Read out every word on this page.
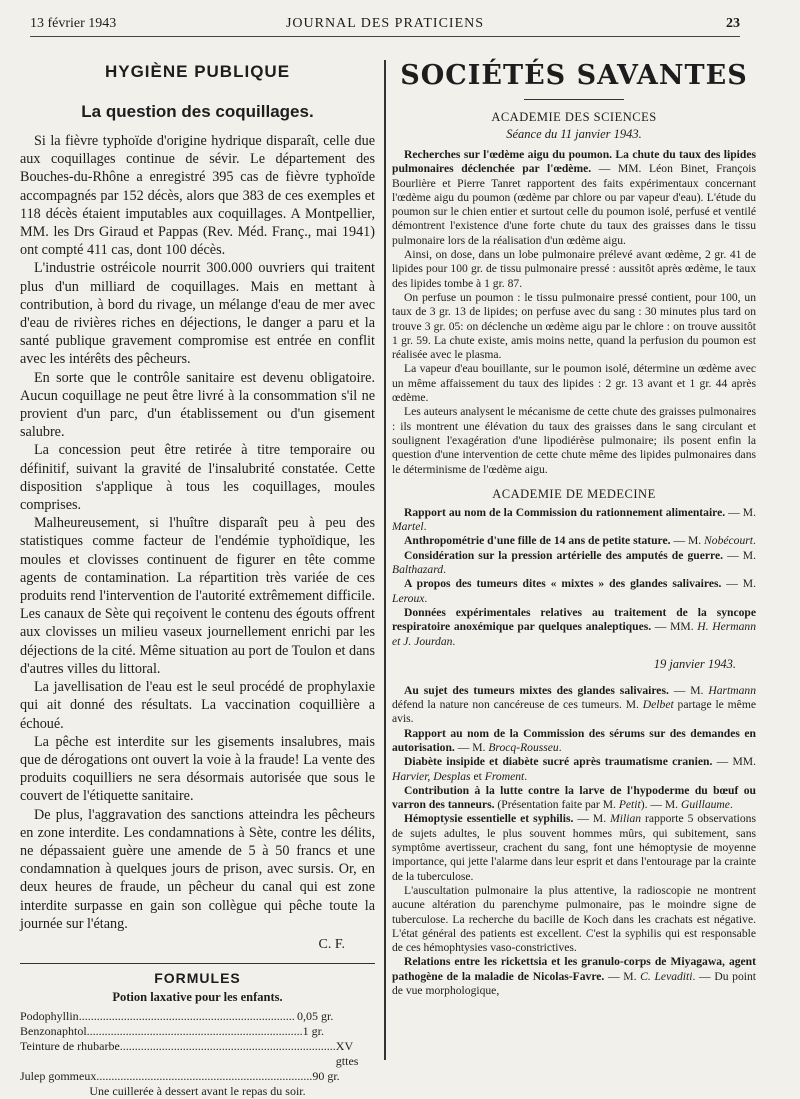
13 février 1943	JOURNAL DES PRATICIENS	23
HYGIÈNE PUBLIQUE
La question des coquillages.

Si la fièvre typhoïde d'origine hydrique disparaît, celle due aux coquillages continue de sévir. Le département des Bouches-du-Rhône a enregistré 395 cas de fièvre typhoïde accompagnés par 152 décès, alors que 383 de ces exemples et 118 décès étaient imputables aux coquillages. A Montpellier, MM. les Drs Giraud et Pappas (Rev. Méd. Franç., mai 1941) ont compté 411 cas, dont 100 décès.

L'industrie ostréicole nourrit 300.000 ouvriers qui traitent plus d'un milliard de coquillages. Mais en mettant à contribution, à bord du rivage, un mélange d'eau de mer avec d'eau de rivières riches en déjections, le danger a paru et la santé publique gravement compromise est entrée en conflit avec les intérêts des pêcheurs.

En sorte que le contrôle sanitaire est devenu obligatoire. Aucun coquillage ne peut être livré à la consommation s'il ne provient d'un parc, d'un établissement ou d'un gisement salubre.

La concession peut être retirée à titre temporaire ou définitif, suivant la gravité de l'insalubrité constatée. Cette disposition s'applique à tous les coquillages, moules comprises.

Malheureusement, si l'huître disparaît peu à peu des statistiques comme facteur de l'endémie typhoïdique, les moules et clovisses continuent de figurer en tête comme agents de contamination. La répartition très variée de ces produits rend l'intervention de l'autorité extrêmement difficile. Les canaux de Sète qui reçoivent le contenu des égouts offrent aux clovisses un milieu vaseux journellement enrichi par les déjections de la cité. Même situation au port de Toulon et dans d'autres villes du littoral.

La javellisation de l'eau est le seul procédé de prophylaxie qui ait donné des résultats. La vaccination coquillière a échoué.

La pêche est interdite sur les gisements insalubres, mais que de dérogations ont ouvert la voie à la fraude! La vente des produits coquilliers ne sera désormais autorisée que sous le couvert de l'étiquette sanitaire.

De plus, l'aggravation des sanctions atteindra les pêcheurs en zone interdite. Les condamnations à Sète, contre les délits, ne dépassaient guère une amende de 5 à 50 francs et une condamnation à quelques jours de prison, avec sursis. Or, en deux heures de fraude, un pêcheur du canal qui est zone interdite surpasse en gain son collègue qui pêche toute la journée sur l'étang.

C. F.
FORMULES
Potion laxative pour les enfants.
Podophyllin........................................................................ 0,05 gr.
Benzonaphtol........................................................................ 1 gr.
Teinture de rhubarbe........................................................................ XV gttes
Julep gommeux........................................................................ 90 gr.
Une cuillerée à dessert avant le repas du soir.
SOCIÉTÉS SAVANTES
ACADEMIE DES SCIENCES
Séance du 11 janvier 1943.

Recherches sur l'œdème aigu du poumon. La chute du taux des lipides pulmonaires déclenchée par l'œdème. — MM. Léon Binet, François Bourlière et Pierre Tanret rapportent des faits expérimentaux concernant l'œdème aigu du poumon (œdème par chlore ou par vapeur d'eau). L'étude du poumon sur le chien entier et surtout celle du poumon isolé, perfusé et ventilé démontrent l'existence d'une forte chute du taux des graisses dans le tissu pulmonaire lors de la réalisation d'un œdème aigu.

Ainsi, on dose, dans un lobe pulmonaire prélevé avant œdème, 2 gr. 41 de lipides pour 100 gr. de tissu pulmonaire pressé : aussitôt après œdème, le taux des lipides tombe à 1 gr. 87.

On perfuse un poumon : le tissu pulmonaire pressé contient, pour 100, un taux de 3 gr. 13 de lipides; on perfuse avec du sang : 30 minutes plus tard on trouve 3 gr. 05: on déclenche un œdème aigu par le chlore : on trouve aussitôt 1 gr. 59. La chute existe, amis moins nette, quand la perfusion du poumon est réalisée avec le plasma.

La vapeur d'eau bouillante, sur le poumon isolé, détermine un œdème avec un même affaissement du taux des lipides : 2 gr. 13 avant et 1 gr. 44 après œdème.

Les auteurs analysent le mécanisme de cette chute des graisses pulmonaires : ils montrent une élévation du taux des graisses dans le sang circulant et soulignent l'exagération d'une lipodiérèse pulmonaire; ils posent enfin la question d'une intervention de cette chute même des lipides pulmonaires dans le déterminisme de l'œdème aigu.

ACADEMIE DE MEDECINE

Rapport au nom de la Commission du rationnement alimentaire. — M. Martel.

Anthropométrie d'une fille de 14 ans de petite stature. — M. Nobécourt.

Considération sur la pression artérielle des amputés de guerre. — M. Balthazard.

A propos des tumeurs dites « mixtes » des glandes salivaires. — M. Leroux.

Données expérimentales relatives au traitement de la syncope respiratoire anoxémique par quelques analeptiques. — MM. H. Hermann et J. Jourdan.

19 janvier 1943.

Au sujet des tumeurs mixtes des glandes salivaires. — M. Hartmann défend la nature non cancéreuse de ces tumeurs. M. Delbet partage le même avis.

Rapport au nom de la Commission des sérums sur des demandes en autorisation. — M. Brocq-Rousseu.

Diabète insipide et diabète sucré après traumatisme cranien. — MM. Harvier, Desplas et Froment.

Contribution à la lutte contre la larve de l'hypoderme du bœuf ou varron des tanneurs. (Présentation faite par M. Petit). — M. Guillaume.

Hémoptysie essentielle et syphilis. — M. Milian rapporte 5 observations de sujets adultes, le plus souvent hommes mûrs, qui subitement, sans symptôme avertisseur, crachent du sang, font une hémoptysie de moyenne importance, qui jette l'alarme dans leur esprit et dans l'entourage par la crainte de la tuberculose.

L'auscultation pulmonaire la plus attentive, la radioscopie ne montrent aucune altération du parenchyme pulmonaire, pas le moindre signe de tuberculose. La recherche du bacille de Koch dans les crachats est négative. L'état général des patients est excellent. C'est la syphilis qui est responsable de ces hémophtysies vaso-constrictives.

Relations entre les rickettsia et les granulo-corps de Miyagawa, agent pathogène de la maladie de Nicolas-Favre. — M. C. Levaditi. — Du point de vue morphologique,
